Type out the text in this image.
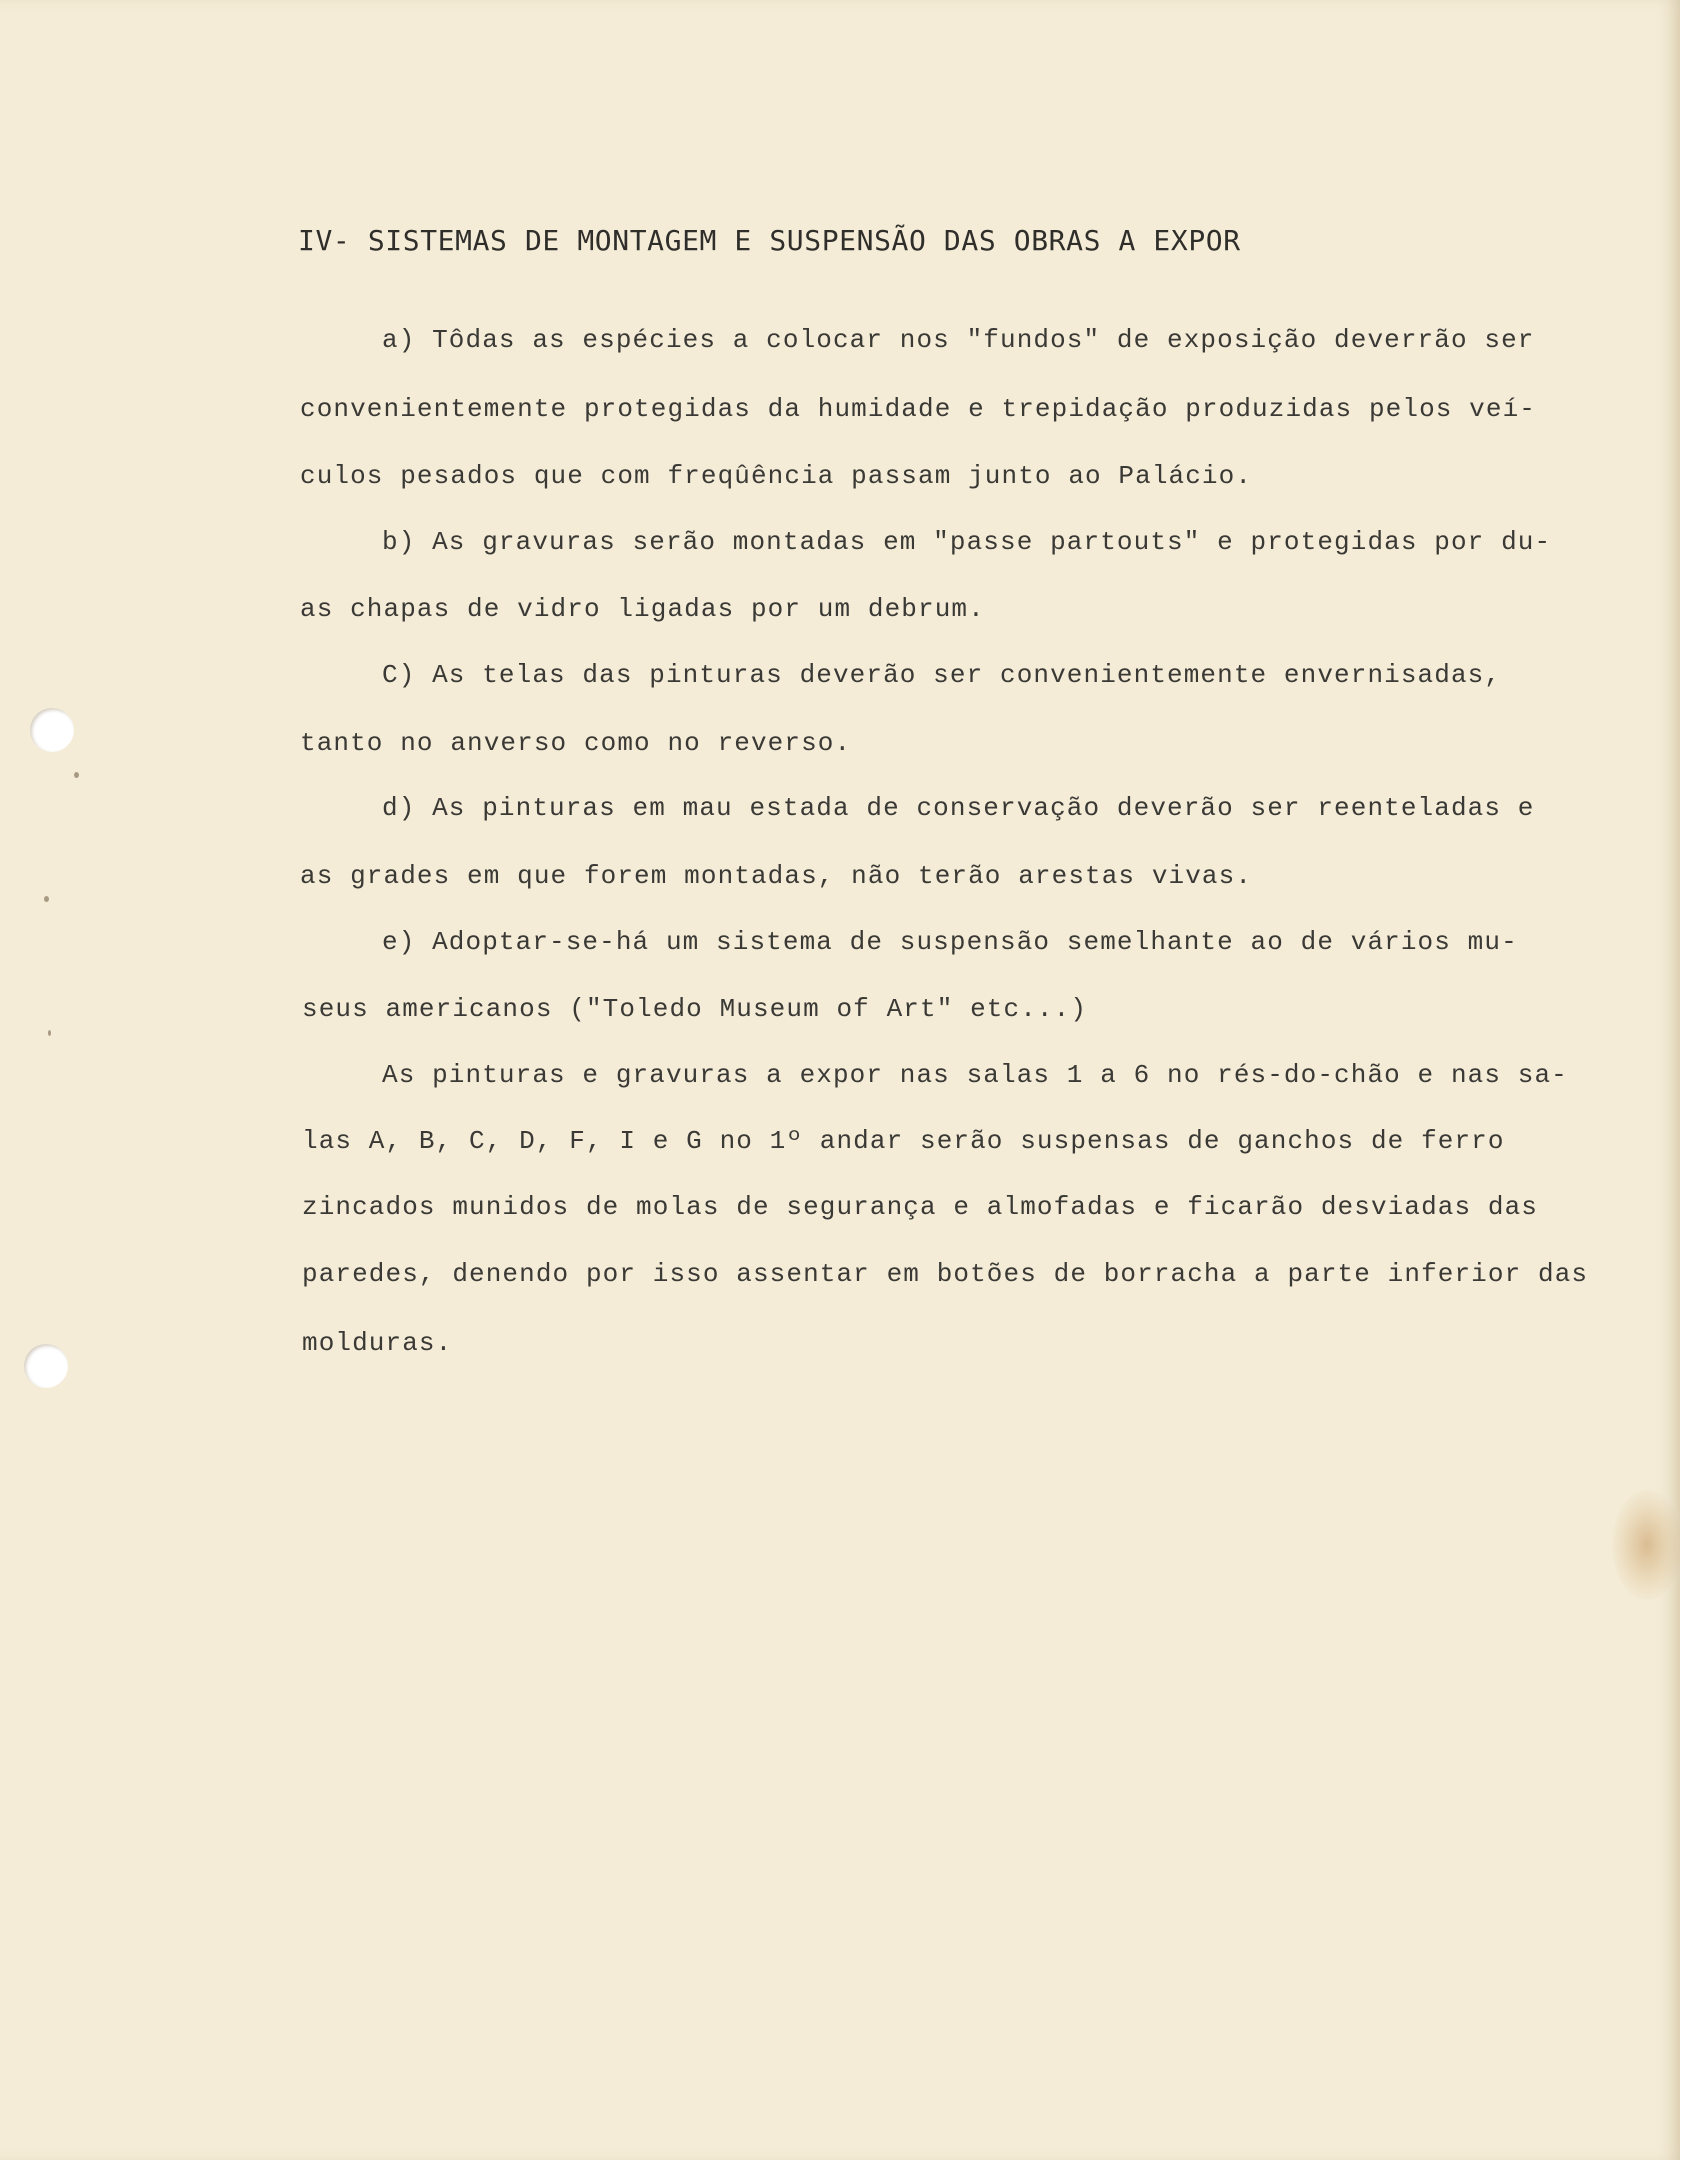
IV- SISTEMAS DE MONTAGEM E SUSPENSÃO DAS OBRAS A EXPOR
a) Tôdas as espécies a colocar nos "fundos" de exposição deverrão ser
convenientemente protegidas da humidade e trepidação produzidas pelos veí-
culos pesados que com freqûência passam junto ao Palácio.
b) As gravuras serão montadas em "passe partouts" e protegidas por du-
as chapas de vidro ligadas por um debrum.
C) As telas das pinturas deverão ser convenientemente envernisadas,
tanto no anverso como no reverso.
d) As pinturas em mau estada de conservação deverão ser reenteladas e
as grades em que forem montadas, não terão arestas vivas.
e) Adoptar-se-há um sistema de suspensão semelhante ao de vários mu-
seus americanos ("Toledo Museum of Art" etc...)
As pinturas e gravuras a expor nas salas 1 a 6 no rés-do-chão e nas sa-
las A, B, C, D, F, I e G no 1º andar serão suspensas de ganchos de ferro
zincados munidos de molas de segurança e almofadas e ficarão desviadas das
paredes, denendo por isso assentar em botões de borracha a parte inferior das
molduras.
